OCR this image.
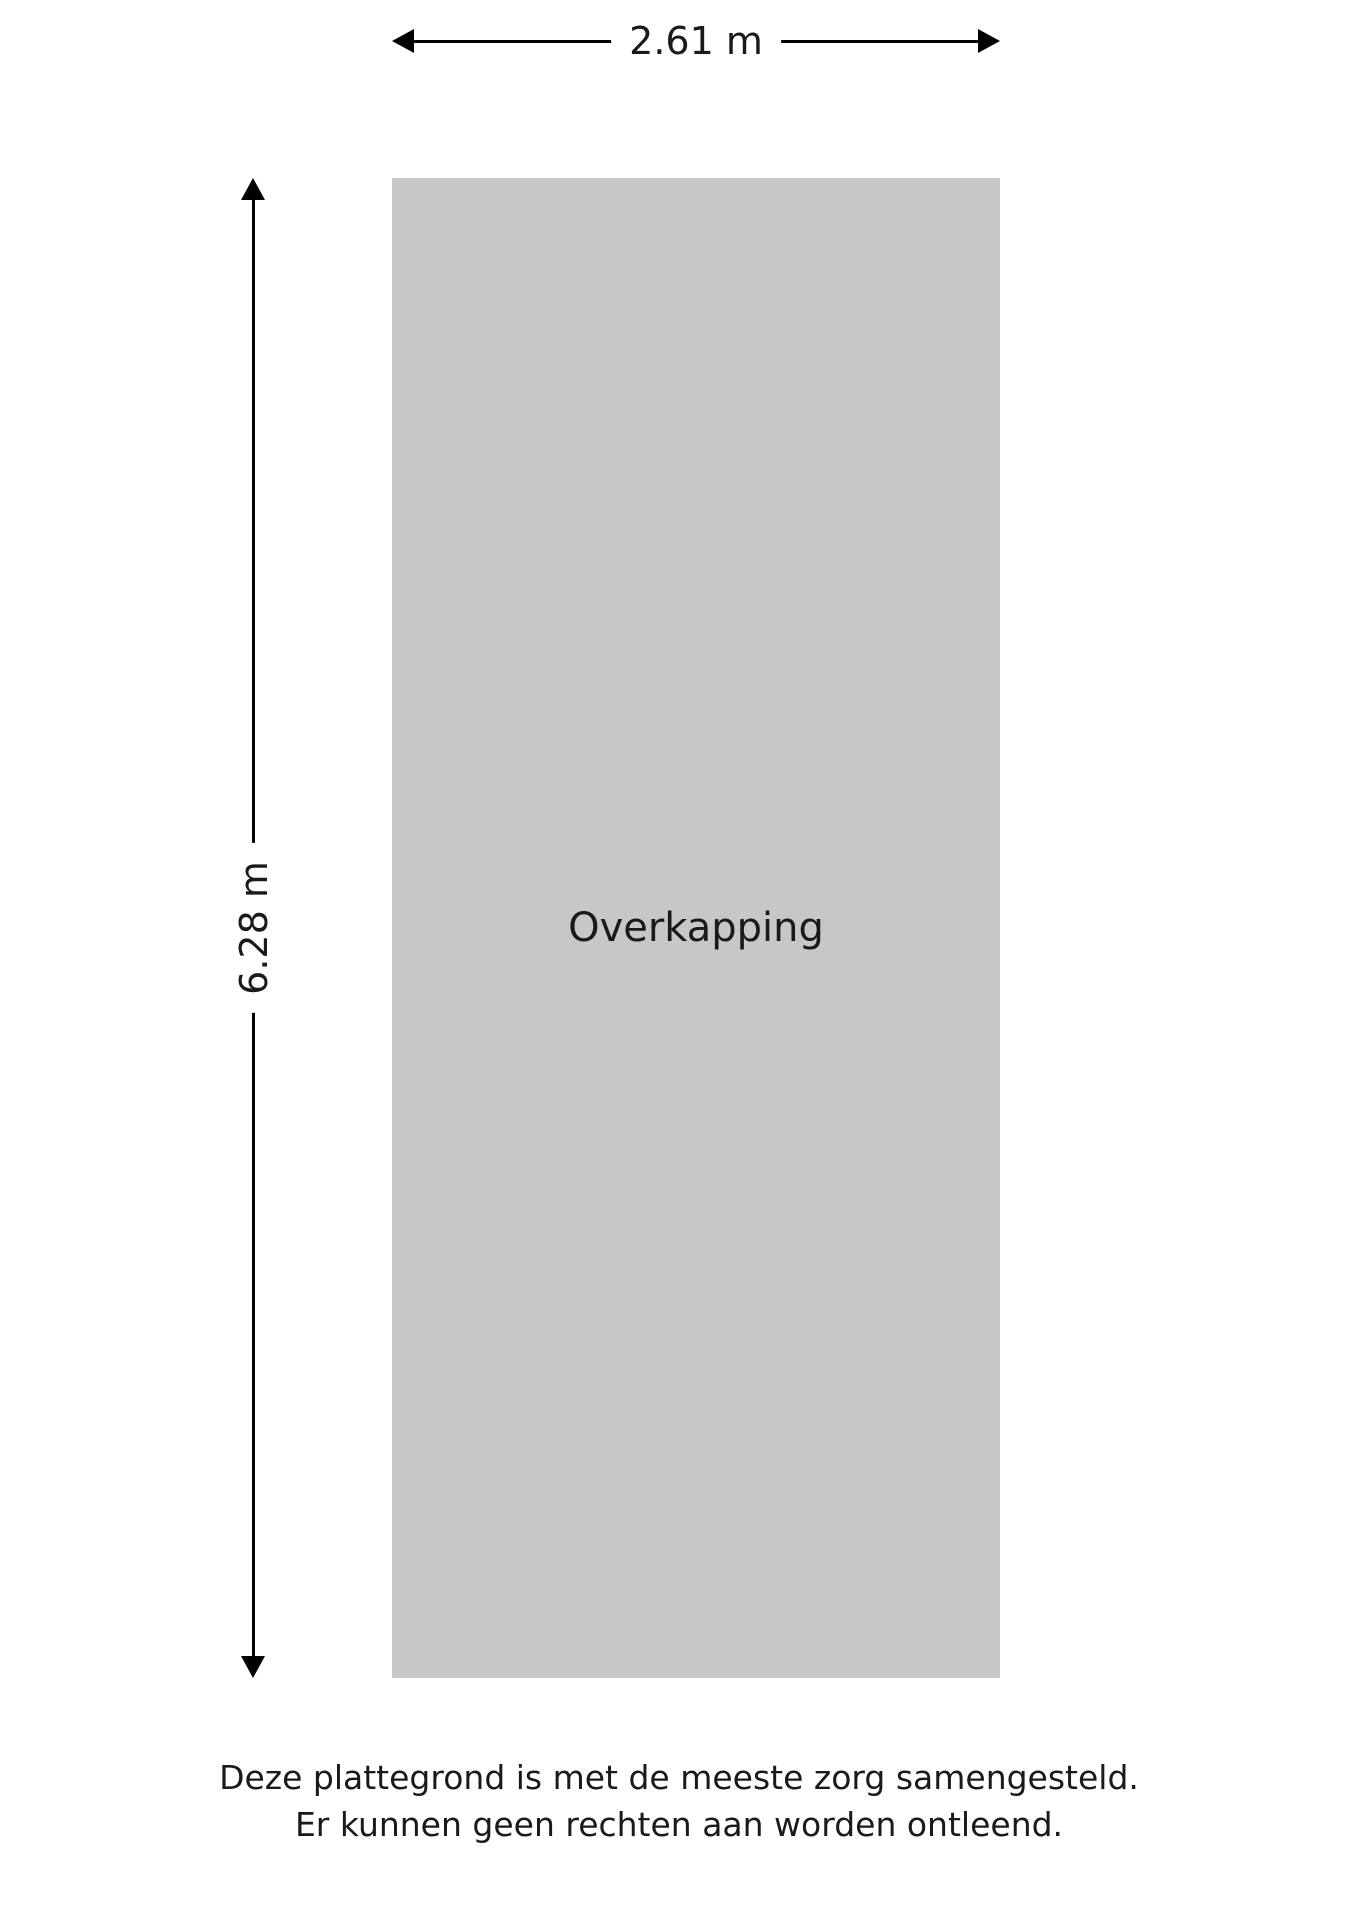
2.61 m
6.28 m	Overkapping
Deze plattegrond is met de meeste zorg samengesteld.
Er kunnen geen rechten aan worden ontleend.
